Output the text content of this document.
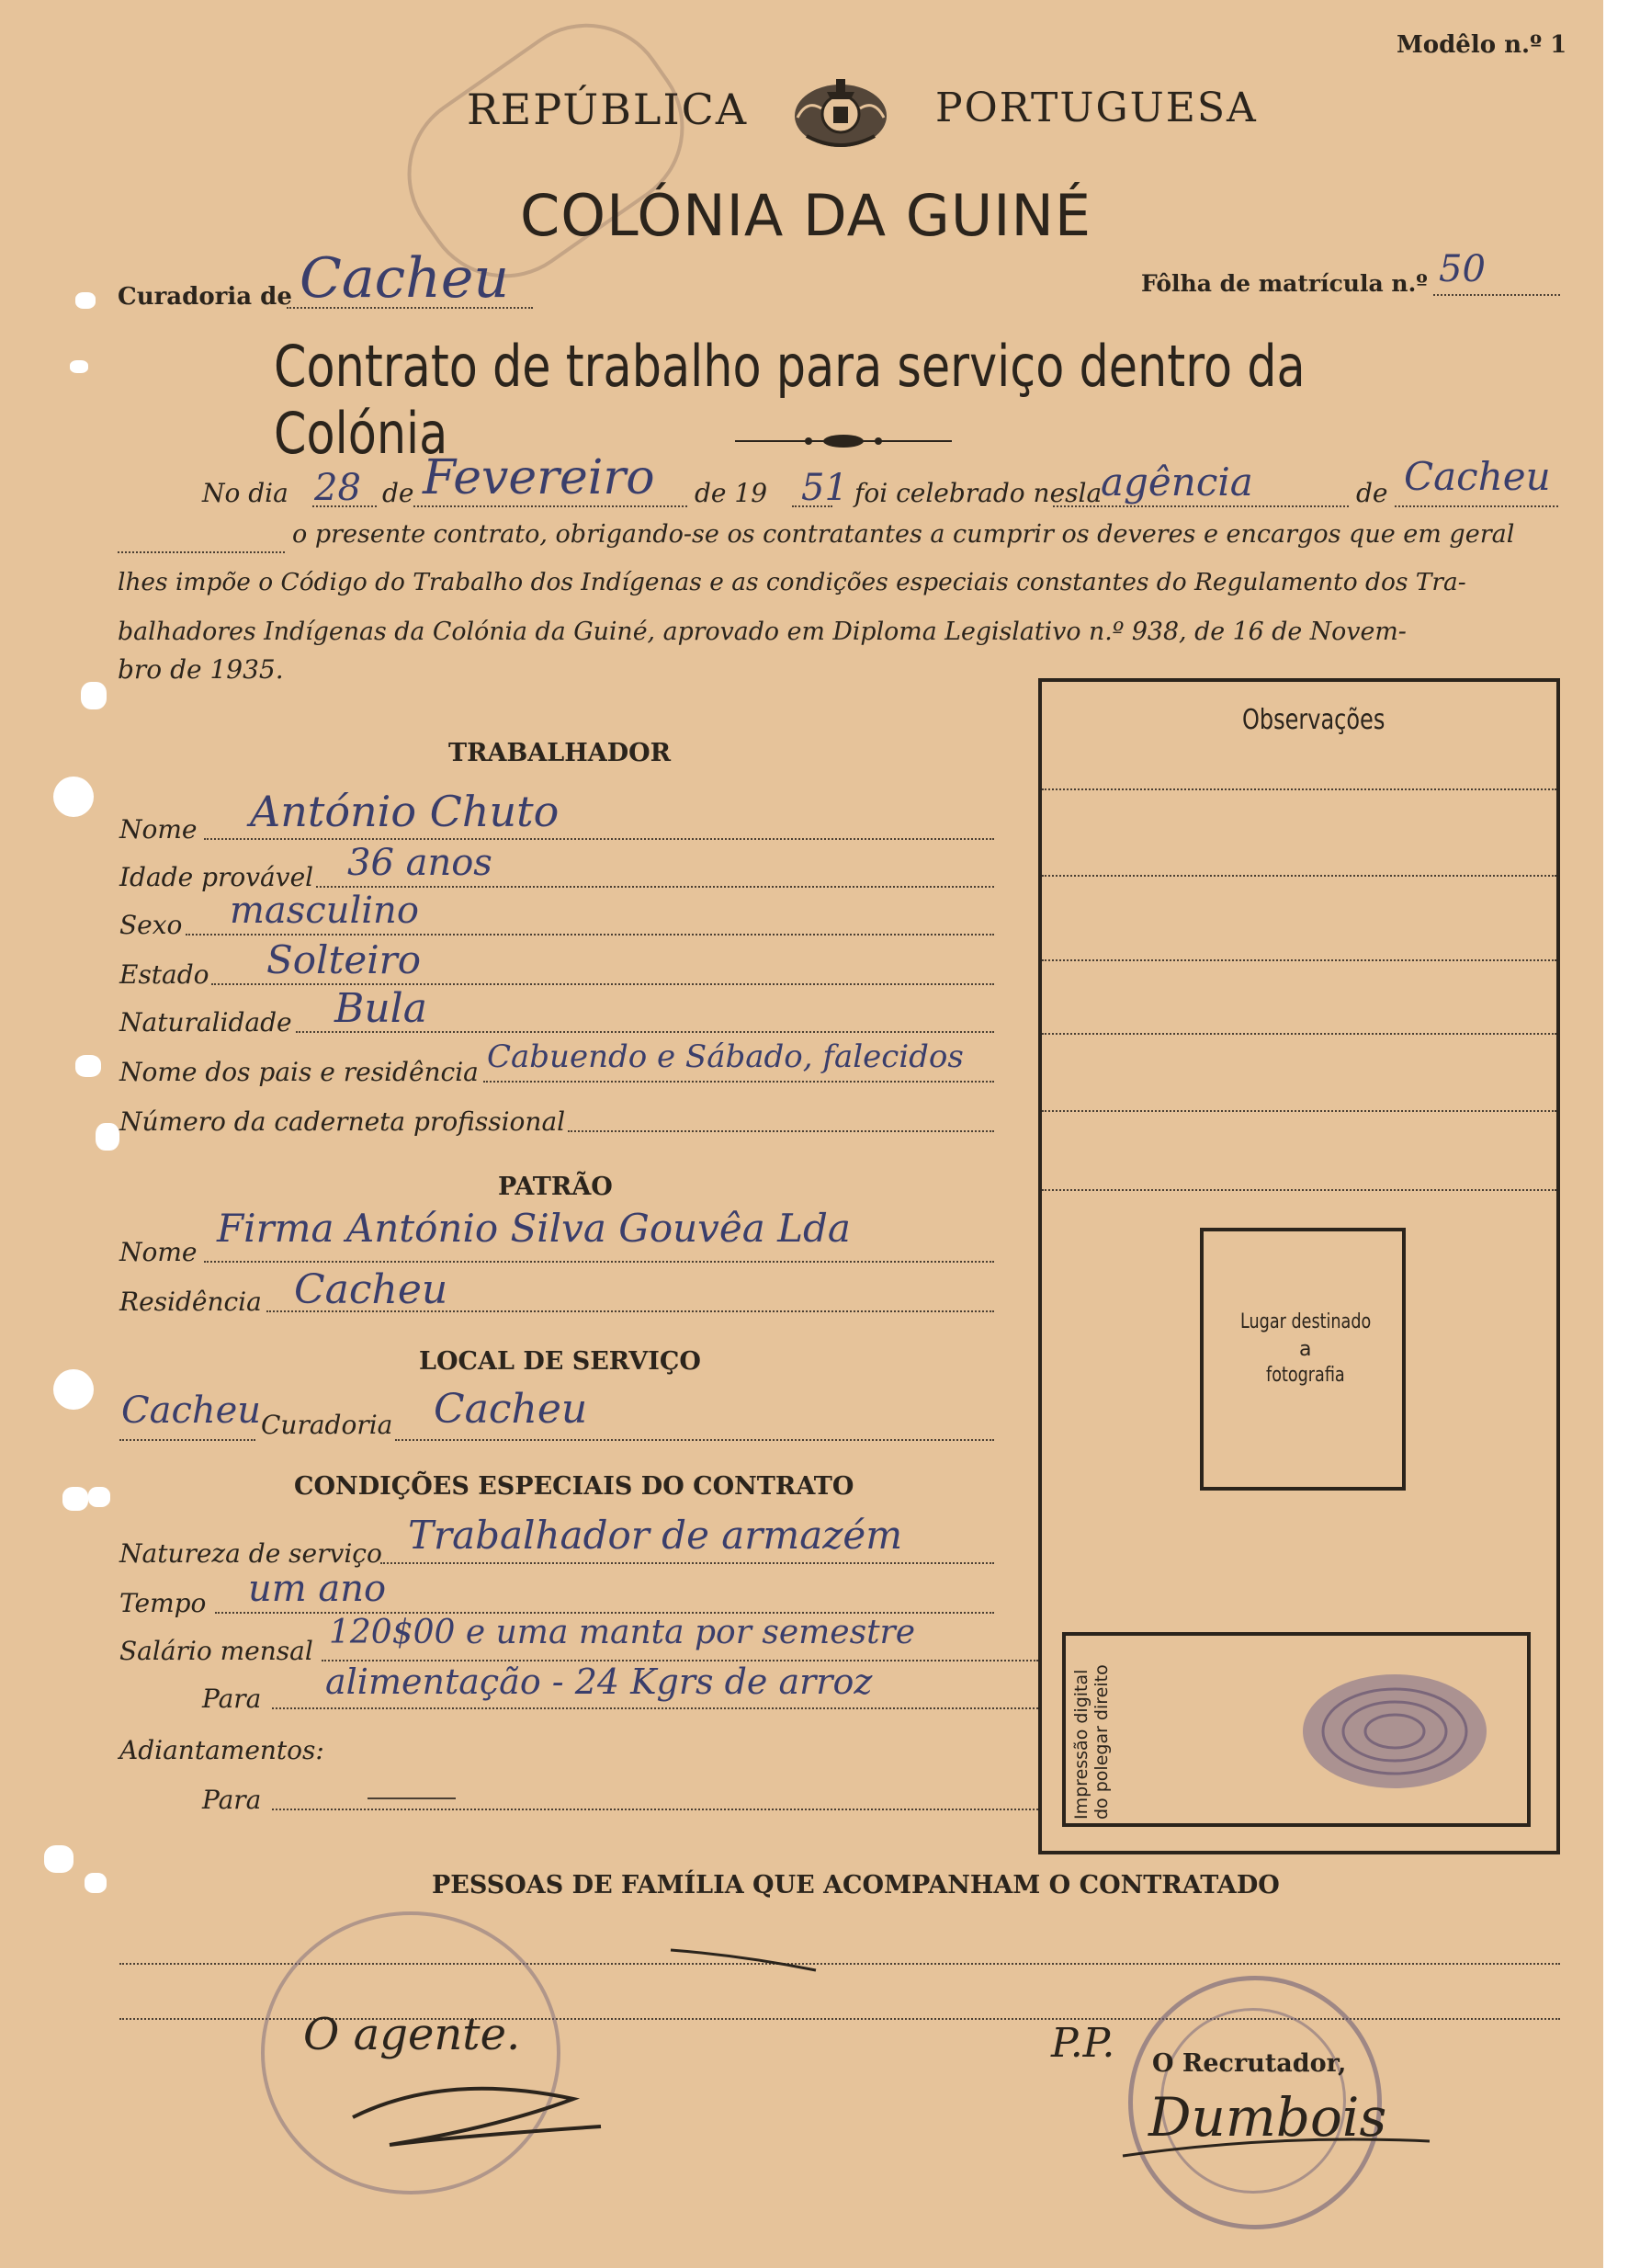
Modêlo n.º 1
REPÚBLICA	PORTUGUESA
COLÓNIA DA GUINÉ
Curadoria de Cacheu	Fôlha de matrícula n.º 50
Contrato de trabalho para serviço dentro da Colónia
No dia 28 de Fevereiro de 19 51 foi celebrado nesla
agência	de Cacheu
o presente contrato, obrigando-se os contratantes a cumprir os deveres e encargos que em geral
lhes impõe o Código do Trabalho dos Indígenas e as condições especiais constantes do Regulamento dos Tra-
balhadores Indígenas da Colónia da Guiné, aprovado em Diploma Legislativo n.º 938, de 16 de Novem-
bro de 1935.
TRABALHADOR
Nome António Chuto
Idade provável 36 anos
Sexo masculino
Estado Solteiro
Naturalidade Bula
Nome dos pais e residência Cabuendo e Sábado, falecidos
Número da caderneta profissional
PATRÃO
Nome
Firma António Silva Gouvêa Lda
Residência Cacheu
LOCAL DE SERVIÇO
Cacheu Curadoria Cacheu
CONDIÇÕES ESPECIAIS DO CONTRATO
Natureza de serviço Trabalhador de armazém
Tempo um ano
Salário mensal 120$00 e uma manta por semestre
Para alimentação - 24 Kgrs de arroz
Adiantamentos:
Para
Observações
Lugar destinado
a
fotografia
Impressão digital do polegar direito
PESSOAS DE FAMÍLIA QUE ACOMPANHAM O CONTRATADO
O agente.	P.P. O Recrutador,
Dumbois
